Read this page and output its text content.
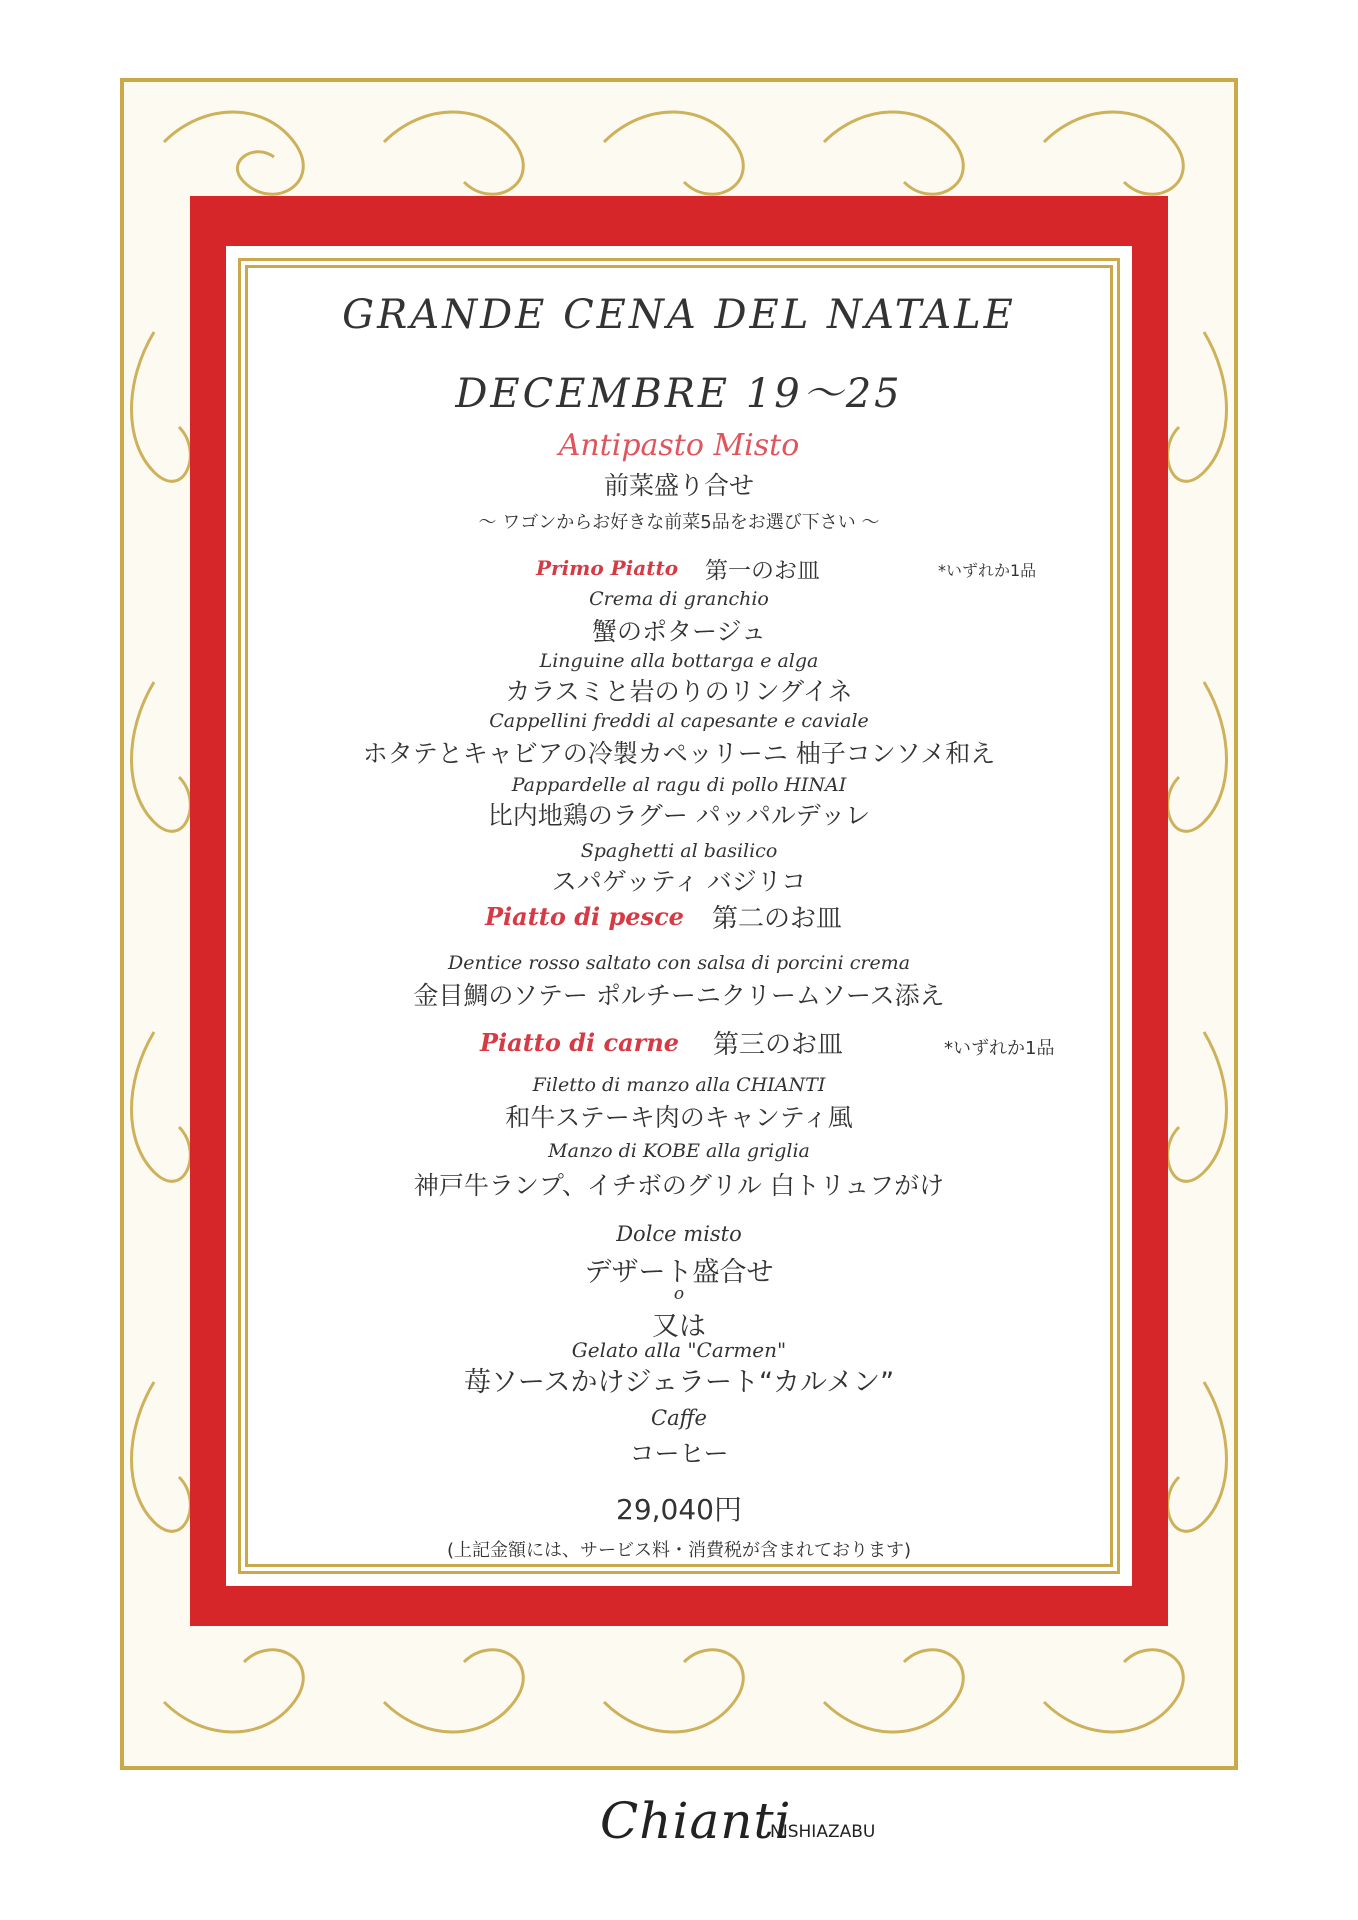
GRANDE CENA DEL NATALE
DECEMBRE 19～25
Antipasto Misto
前菜盛り合せ
～ ワゴンからお好きな前菜5品をお選び下さい ～
Primo Piatto 第一のお皿	*いずれか1品
Crema di granchio
蟹のポタージュ
Linguine alla bottarga e alga
カラスミと岩のりのリングイネ
Cappellini freddi al capesante e caviale
ホタテとキャビアの冷製カペッリーニ 柚子コンソメ和え
Pappardelle al ragu di pollo HINAI
比内地鶏のラグー パッパルデッレ
Spaghetti al basilico
スパゲッティ バジリコ
Piatto di pesce 第二のお皿
Dentice rosso saltato con salsa di porcini crema
金目鯛のソテー ポルチーニクリームソース添え
Piatto di carne 第三のお皿	*いずれか1品
Filetto di manzo alla CHIANTI
和牛ステーキ肉のキャンティ風
Manzo di KOBE alla griglia
神戸牛ランプ、イチボのグリル 白トリュフがけ
Dolce misto
デザート盛合せ
o
又は
Gelato alla "Carmen"
苺ソースかけジェラート“カルメン”
Caffe
コーヒー
29,040円
(上記金額には、サービス料・消費税が含まれております)
Chianti
NISHIAZABU
